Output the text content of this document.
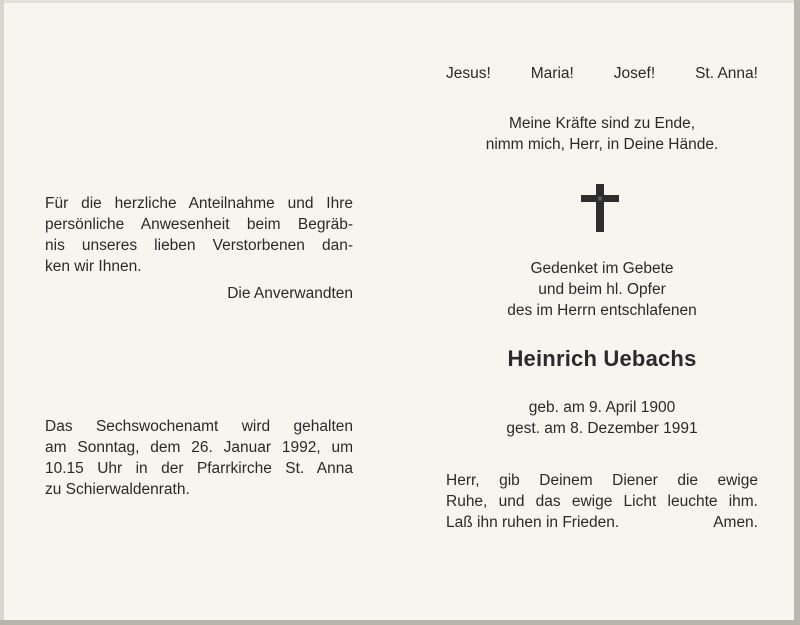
Jesus!	Maria!	Josef!	St. Anna!
Meine Kräfte sind zu Ende,
nimm mich, Herr, in Deine Hände.
Gedenket im Gebete
und beim hl. Opfer
des im Herrn entschlafenen
Heinrich Uebachs
geb. am 9. April 1900
gest. am 8. Dezember 1991
Herr, gib Deinem Diener die ewige
Ruhe, und das ewige Licht leuchte ihm.
Laß ihn ruhen in Frieden.	Amen.
Für die herzliche Anteilnahme und Ihre
persönliche Anwesenheit beim Begräb-
nis unseres lieben Verstorbenen dan-
ken wir Ihnen.
Die Anverwandten
Das Sechswochenamt wird gehalten
am Sonntag, dem 26. Januar 1992, um
10.15 Uhr in der Pfarrkirche St. Anna
zu Schierwaldenrath.
